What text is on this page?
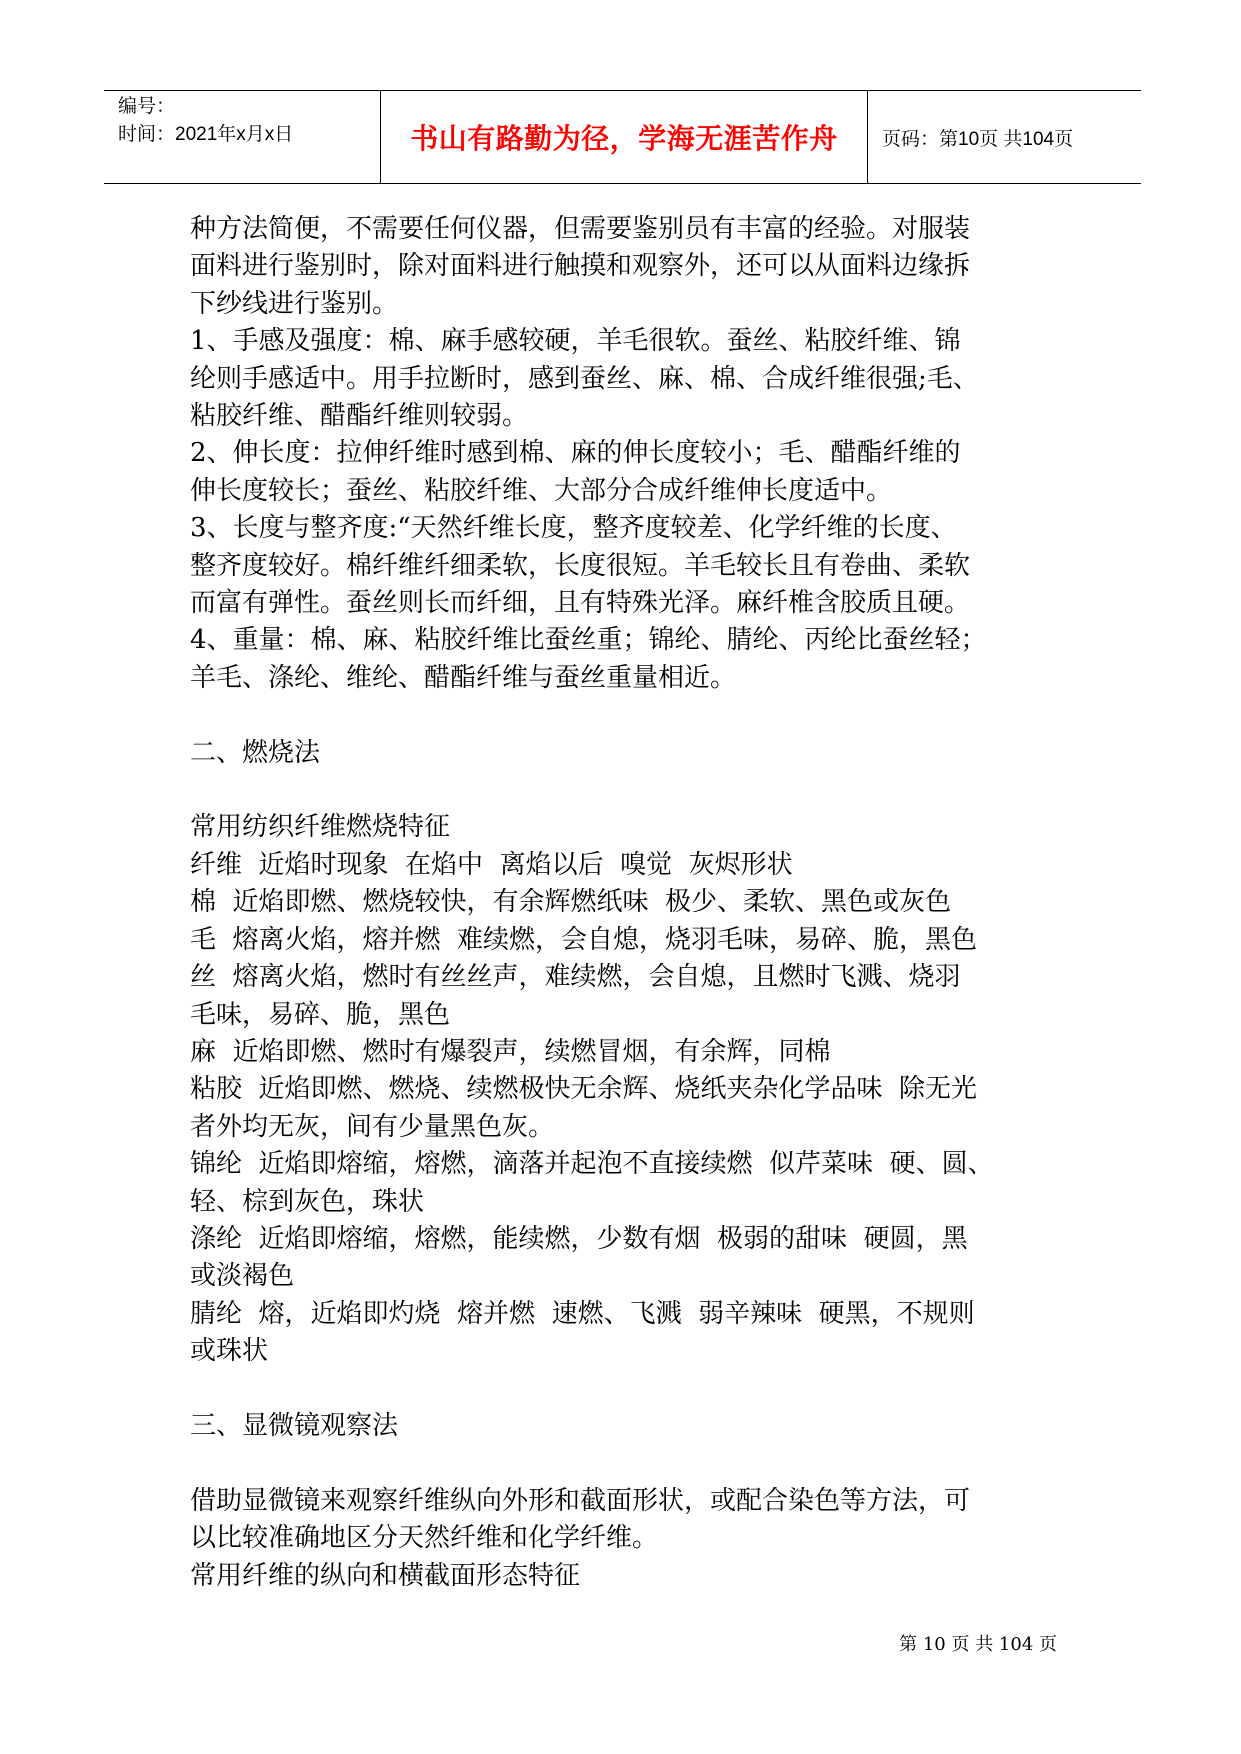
编号：
时间：2021年x月x日	书山有路勤为径，学海无涯苦作舟	页码：第10页 共104页

种方法简便，不需要任何仪器，但需要鉴别员有丰富的经验。对服装

面料进行鉴别时，除对面料进行触摸和观察外，还可以从面料边缘拆

下纱线进行鉴别。

1、手感及强度：棉、麻手感较硬，羊毛很软。蚕丝、粘胶纤维、锦

纶则手感适中。用手拉断时，感到蚕丝、麻、棉、合成纤维很强;毛、

粘胶纤维、醋酯纤维则较弱。

2、伸长度：拉伸纤维时感到棉、麻的伸长度较小；毛、醋酯纤维的

伸长度较长；蚕丝、粘胶纤维、大部分合成纤维伸长度适中。

3、长度与整齐度:“天然纤维长度，整齐度较差、化学纤维的长度、

整齐度较好。棉纤维纤细柔软，长度很短。羊毛较长且有卷曲、柔软

而富有弹性。蚕丝则长而纤细，且有特殊光泽。麻纤椎含胶质且硬。

4、重量：棉、麻、粘胶纤维比蚕丝重；锦纶、腈纶、丙纶比蚕丝轻；

羊毛、涤纶、维纶、醋酯纤维与蚕丝重量相近。

二、燃烧法

常用纺织纤维燃烧特征

纤维  近焰时现象  在焰中  离焰以后  嗅觉  灰烬形状

棉  近焰即燃、燃烧较快，有余辉燃纸味  极少、柔软、黑色或灰色

毛  熔离火焰，熔并燃  难续燃，会自熄，烧羽毛味，易碎、脆，黑色

丝  熔离火焰，燃时有丝丝声，难续燃，会自熄，且燃时飞溅、烧羽

毛味，易碎、脆，黑色

麻  近焰即燃、燃时有爆裂声，续燃冒烟，有余辉，同棉

粘胶  近焰即燃、燃烧、续燃极快无余辉、烧纸夹杂化学品味  除无光

者外均无灰，间有少量黑色灰。

锦纶  近焰即熔缩，熔燃，滴落并起泡不直接续燃  似芹菜味  硬、圆、

轻、棕到灰色，珠状

涤纶  近焰即熔缩，熔燃，能续燃，少数有烟  极弱的甜味  硬圆，黑

或淡褐色

腈纶  熔，近焰即灼烧  熔并燃  速燃、飞溅  弱辛辣味  硬黑，不规则

或珠状

三、显微镜观察法

借助显微镜来观察纤维纵向外形和截面形状，或配合染色等方法，可

以比较准确地区分天然纤维和化学纤维。

常用纤维的纵向和横截面形态特征

第 10 页 共 104 页
